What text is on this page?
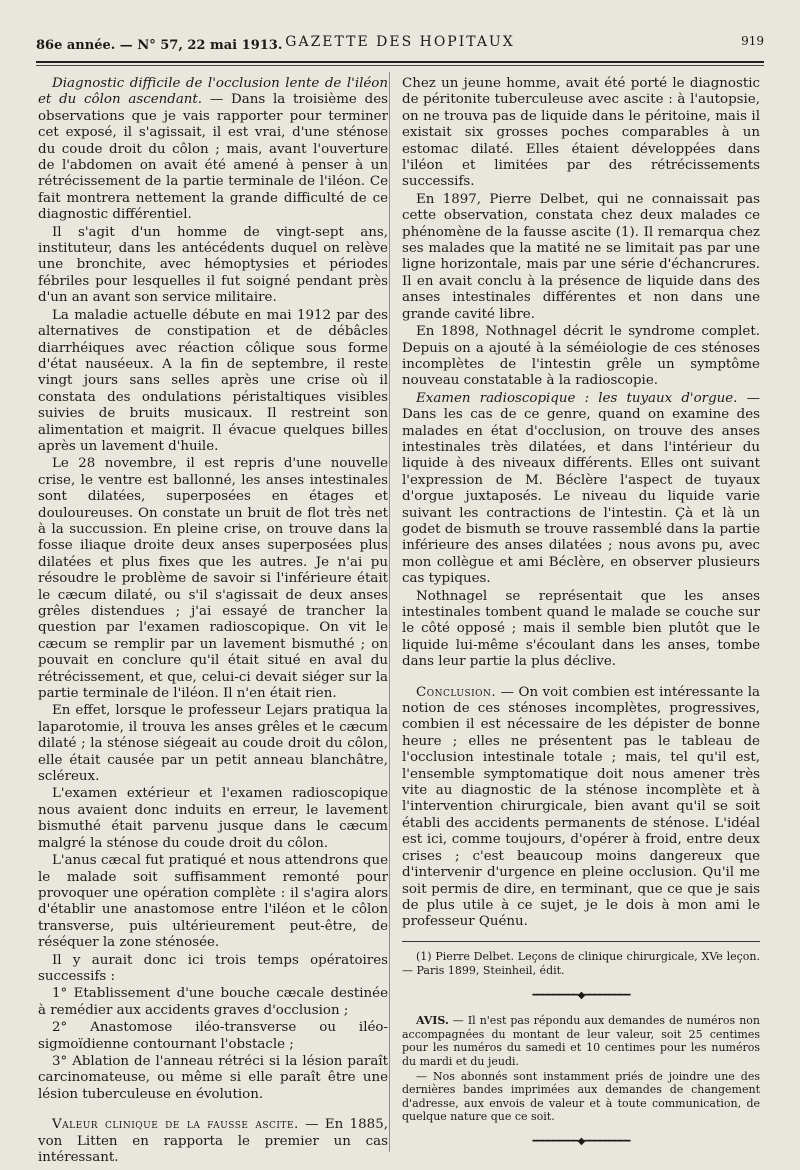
86e année. — N° 57, 22 mai 1913. GAZETTE DES HOPITAUX	919

Diagnostic difficile de l'occlusion lente de l'iléon et du côlon ascendant. — Dans la troisième des observations que je vais rapporter pour terminer cet exposé, il s'agissait, il est vrai, d'une sténose du coude droit du côlon ; mais, avant l'ouverture de l'abdomen on avait été amené à penser à un rétrécissement de la partie terminale de l'iléon. Ce fait montrera nettement la grande difficulté de ce diagnostic différentiel.

Il s'agit d'un homme de vingt-sept ans, instituteur, dans les antécédents duquel on relève une bronchite, avec hémoptysies et périodes fébriles pour lesquelles il fut soigné pendant près d'un an avant son service militaire.

La maladie actuelle débute en mai 1912 par des alternatives de constipation et de débâcles diarrhéiques avec réaction côlique sous forme d'état nauséeux. A la fin de septembre, il reste vingt jours sans selles après une crise où il constata des ondulations péristaltiques visibles suivies de bruits musicaux. Il restreint son alimentation et maigrit. Il évacue quelques billes après un lavement d'huile.

Le 28 novembre, il est repris d'une nouvelle crise, le ventre est ballonné, les anses intestinales sont dilatées, superposées en étages et douloureuses. On constate un bruit de flot très net à la succussion. En pleine crise, on trouve dans la fosse iliaque droite deux anses superposées plus dilatées et plus fixes que les autres. Je n'ai pu résoudre le problème de savoir si l'inférieure était le cæcum dilaté, ou s'il s'agissait de deux anses grêles distendues ; j'ai essayé de trancher la question par l'examen radioscopique. On vit le cæcum se remplir par un lavement bismuthé ; on pouvait en conclure qu'il était situé en aval du rétrécissement, et que, celui-ci devait siéger sur la partie terminale de l'iléon. Il n'en était rien.

En effet, lorsque le professeur Lejars pratiqua la laparotomie, il trouva les anses grêles et le cæcum dilaté ; la sténose siégeait au coude droit du côlon, elle était causée par un petit anneau blanchâtre, scléreux.

L'examen extérieur et l'examen radioscopique nous avaient donc induits en erreur, le lavement bismuthé était parvenu jusque dans le cæcum malgré la sténose du coude droit du côlon.

L'anus cæcal fut pratiqué et nous attendrons que le malade soit suffisamment remonté pour provoquer une opération complète : il s'agira alors d'établir une anastomose entre l'iléon et le côlon transverse, puis ultérieurement peut-être, de réséquer la zone sténosée.

Il y aurait donc ici trois temps opératoires successifs :

1° Etablissement d'une bouche cæcale destinée à remédier aux accidents graves d'occlusion ;

2° Anastomose iléo-transverse ou iléo-sigmoïdienne contournant l'obstacle ;

3° Ablation de l'anneau rétréci si la lésion paraît carcinomateuse, ou même si elle paraît être une lésion tuberculeuse en évolution.

Valeur clinique de la fausse ascite. — En 1885, von Litten en rapporta le premier un cas intéressant.

Chez un jeune homme, avait été porté le diagnostic de péritonite tuberculeuse avec ascite : à l'autopsie, on ne trouva pas de liquide dans le péritoine, mais il existait six grosses poches comparables à un estomac dilaté. Elles étaient développées dans l'iléon et limitées par des rétrécissements successifs.

En 1897, Pierre Delbet, qui ne connaissait pas cette observation, constata chez deux malades ce phénomène de la fausse ascite (1). Il remarqua chez ses malades que la matité ne se limitait pas par une ligne horizontale, mais par une série d'échancrures. Il en avait conclu à la présence de liquide dans des anses intestinales différentes et non dans une grande cavité libre.

En 1898, Nothnagel décrit le syndrome complet. Depuis on a ajouté à la séméiologie de ces sténoses incomplètes de l'intestin grêle un symptôme nouveau constatable à la radioscopie.

Examen radioscopique : les tuyaux d'orgue. — Dans les cas de ce genre, quand on examine des malades en état d'occlusion, on trouve des anses intestinales très dilatées, et dans l'intérieur du liquide à des niveaux différents. Elles ont suivant l'expression de M. Béclère l'aspect de tuyaux d'orgue juxtaposés. Le niveau du liquide varie suivant les contractions de l'intestin. Çà et là un godet de bismuth se trouve rassemblé dans la partie inférieure des anses dilatées ; nous avons pu, avec mon collègue et ami Béclère, en observer plusieurs cas typiques.

Nothnagel se représentait que les anses intestinales tombent quand le malade se couche sur le côté opposé ; mais il semble bien plutôt que le liquide lui-même s'écoulant dans les anses, tombe dans leur partie la plus déclive.

Conclusion. — On voit combien est intéressante la notion de ces sténoses incomplètes, progressives, combien il est nécessaire de les dépister de bonne heure ; elles ne présentent pas le tableau de l'occlusion intestinale totale ; mais, tel qu'il est, l'ensemble symptomatique doit nous amener très vite au diagnostic de la sténose incomplète et à l'intervention chirurgicale, bien avant qu'il se soit établi des accidents permanents de sténose. L'idéal est ici, comme toujours, d'opérer à froid, entre deux crises ; c'est beaucoup moins dangereux que d'intervenir d'urgence en pleine occlusion. Qu'il me soit permis de dire, en terminant, que ce que je sais de plus utile à ce sujet, je le dois à mon ami le professeur Quénu.

(1) Pierre Delbet. Leçons de clinique chirurgicale, XVe leçon. — Paris 1899, Steinheil, édit.

━━━━━━━━━◆━━━━━━━━━

AVIS. — Il n'est pas répondu aux demandes de numéros non accompagnées du montant de leur valeur, soit 25 centimes pour les numéros du samedi et 10 centimes pour les numéros du mardi et du jeudi.

— Nos abonnés sont instamment priés de joindre une des dernières bandes imprimées aux demandes de changement d'adresse, aux envois de valeur et à toute communication, de quelque nature que ce soit.

━━━━━━━━━◆━━━━━━━━━
